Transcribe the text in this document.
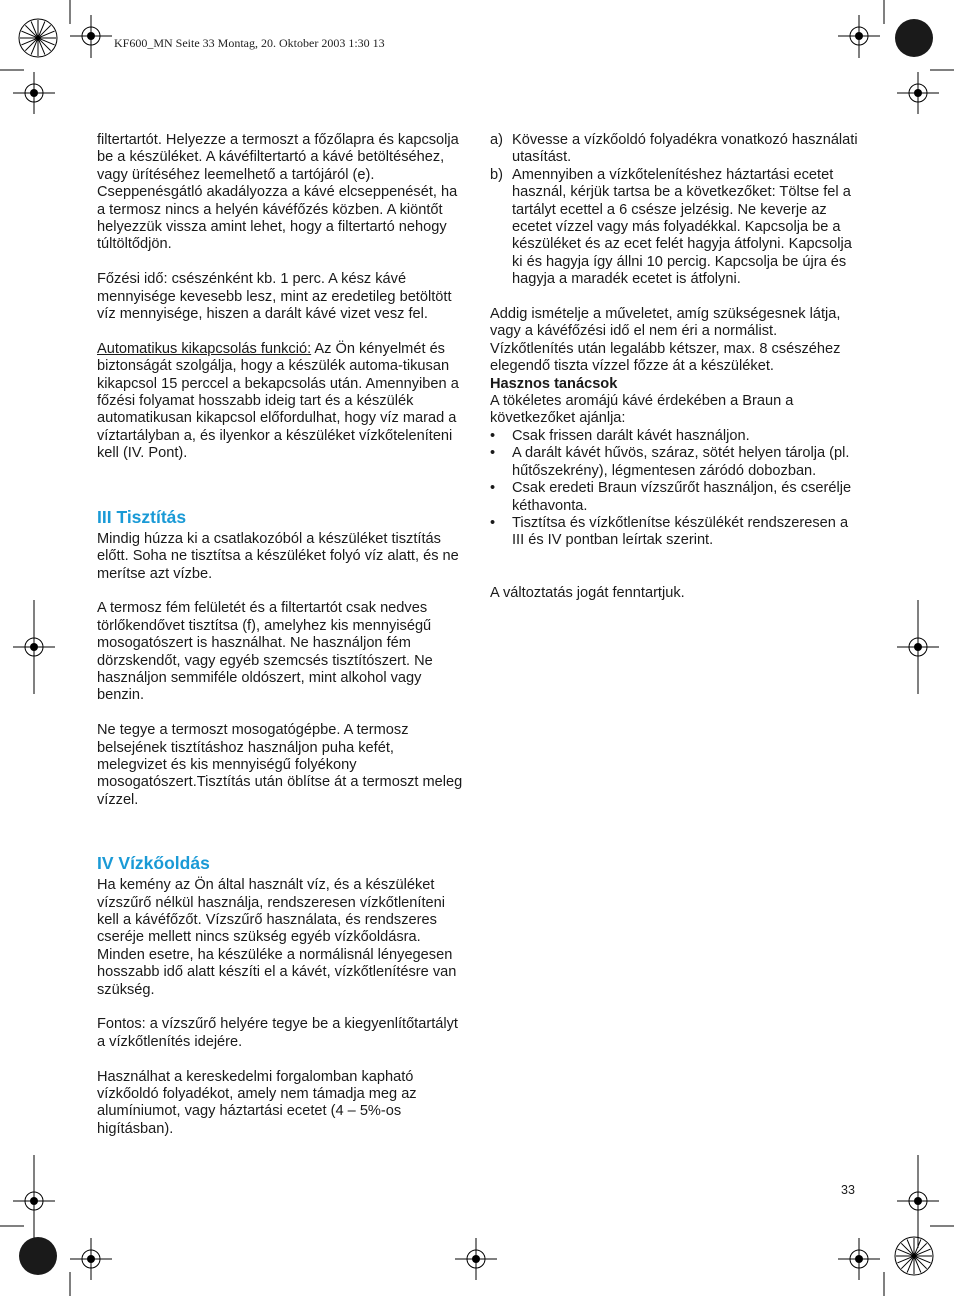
KF600_MN Seite 33 Montag, 20. Oktober 2003 1:30 13

filtertartót. Helyezze a termoszt a főzőlapra és kapcsolja be a készüléket. A kávéfiltertartó a kávé betöltéséhez, vagy ürítéséhez leemelhető a tartójáról (e). Cseppenésgátló akadályozza a kávé elcseppenését, ha a termosz nincs a helyén kávéfőzés közben. A kiöntőt helyezzük vissza amint lehet, hogy a filtertartó nehogy túltöltődjön.

Főzési idő: csészénként kb. 1 perc. A kész kávé mennyisége kevesebb lesz, mint az eredetileg betöltött víz mennyisége, hiszen a darált kávé vizet vesz fel.

Automatikus kikapcsolás funkció: Az Ön kényelmét és biztonságát szolgálja, hogy a készülék automa-tikusan kikapcsol 15 perccel a bekapcsolás után. Amennyiben a főzési folyamat hosszabb ideig tart és a készülék automatikusan kikapcsol előfordulhat, hogy víz marad a víztartályban a, és ilyenkor a készüléket vízkőteleníteni kell (IV. Pont).

III Tisztítás

Mindig húzza ki a csatlakozóból a készüléket tisztítás előtt. Soha ne tisztítsa a készüléket folyó víz alatt, és ne merítse azt vízbe.

A termosz fém felületét és a filtertartót csak nedves törlőkendővet tisztítsa (f), amelyhez kis mennyiségű mosogatószert is használhat. Ne használjon fém dörzskendőt, vagy egyéb szemcsés tisztítószert. Ne használjon semmiféle oldószert, mint alkohol vagy benzin.

Ne tegye a termoszt mosogatógépbe. A termosz belsejének tisztításhoz használjon puha kefét, melegvizet és kis mennyiségű folyékony mosogatószert.Tisztítás után öblítse át a termoszt meleg vízzel.

IV Vízkőoldás

Ha kemény az Ön által használt víz, és a készüléket vízszűrő nélkül használja, rendszeresen vízkőtleníteni kell a kávéfőzőt. Vízszűrő használata, és rendszeres cseréje mellett nincs szükség egyéb vízkőoldásra. Minden esetre, ha készüléke a normálisnál lényegesen hosszabb idő alatt készíti el a kávét, vízkőtlenítésre van szükség.

Fontos: a vízszűrő helyére tegye be a kiegyenlítőtartályt a vízkőtlenítés idejére.

Használhat a kereskedelmi forgalomban kapható vízkőoldó folyadékot, amely nem támadja meg az alumíniumot, vagy háztartási ecetet (4 – 5%-os higításban).

a) Kövesse a vízkőoldó folyadékra vonatkozó használati utasítást.
b) Amennyiben a vízkőtelenítéshez háztartási ecetet használ, kérjük tartsa be a következőket: Töltse fel a tartályt ecettel a 6 csésze jelzésig. Ne keverje az ecetet vízzel vagy más folyadékkal. Kapcsolja be a készüléket és az ecet felét hagyja átfolyni. Kapcsolja ki és hagyja így állni 10 percig. Kapcsolja be újra és hagyja a maradék ecetet is átfolyni.

Addig ismételje a műveletet, amíg szükségesnek látja, vagy a kávéfőzési idő el nem éri a normálist. Vízkőtlenítés után legalább kétszer, max. 8 csészéhez elegendő tiszta vízzel főzze át a készüléket.

Hasznos tanácsok

A tökéletes aromájú kávé érdekében a Braun a következőket ajánlja:

•	Csak frissen darált kávét használjon.
•	A darált kávét hűvös, száraz, sötét helyen tárolja (pl. hűtőszekrény), légmentesen záródó dobozban.
•	Csak eredeti Braun vízszűrőt használjon, és cserélje kéthavonta.
•	Tisztítsa és vízkőtlenítse készülékét rendszeresen a III és IV pontban leírtak szerint.

A változtatás jogát fenntartjuk.

33
